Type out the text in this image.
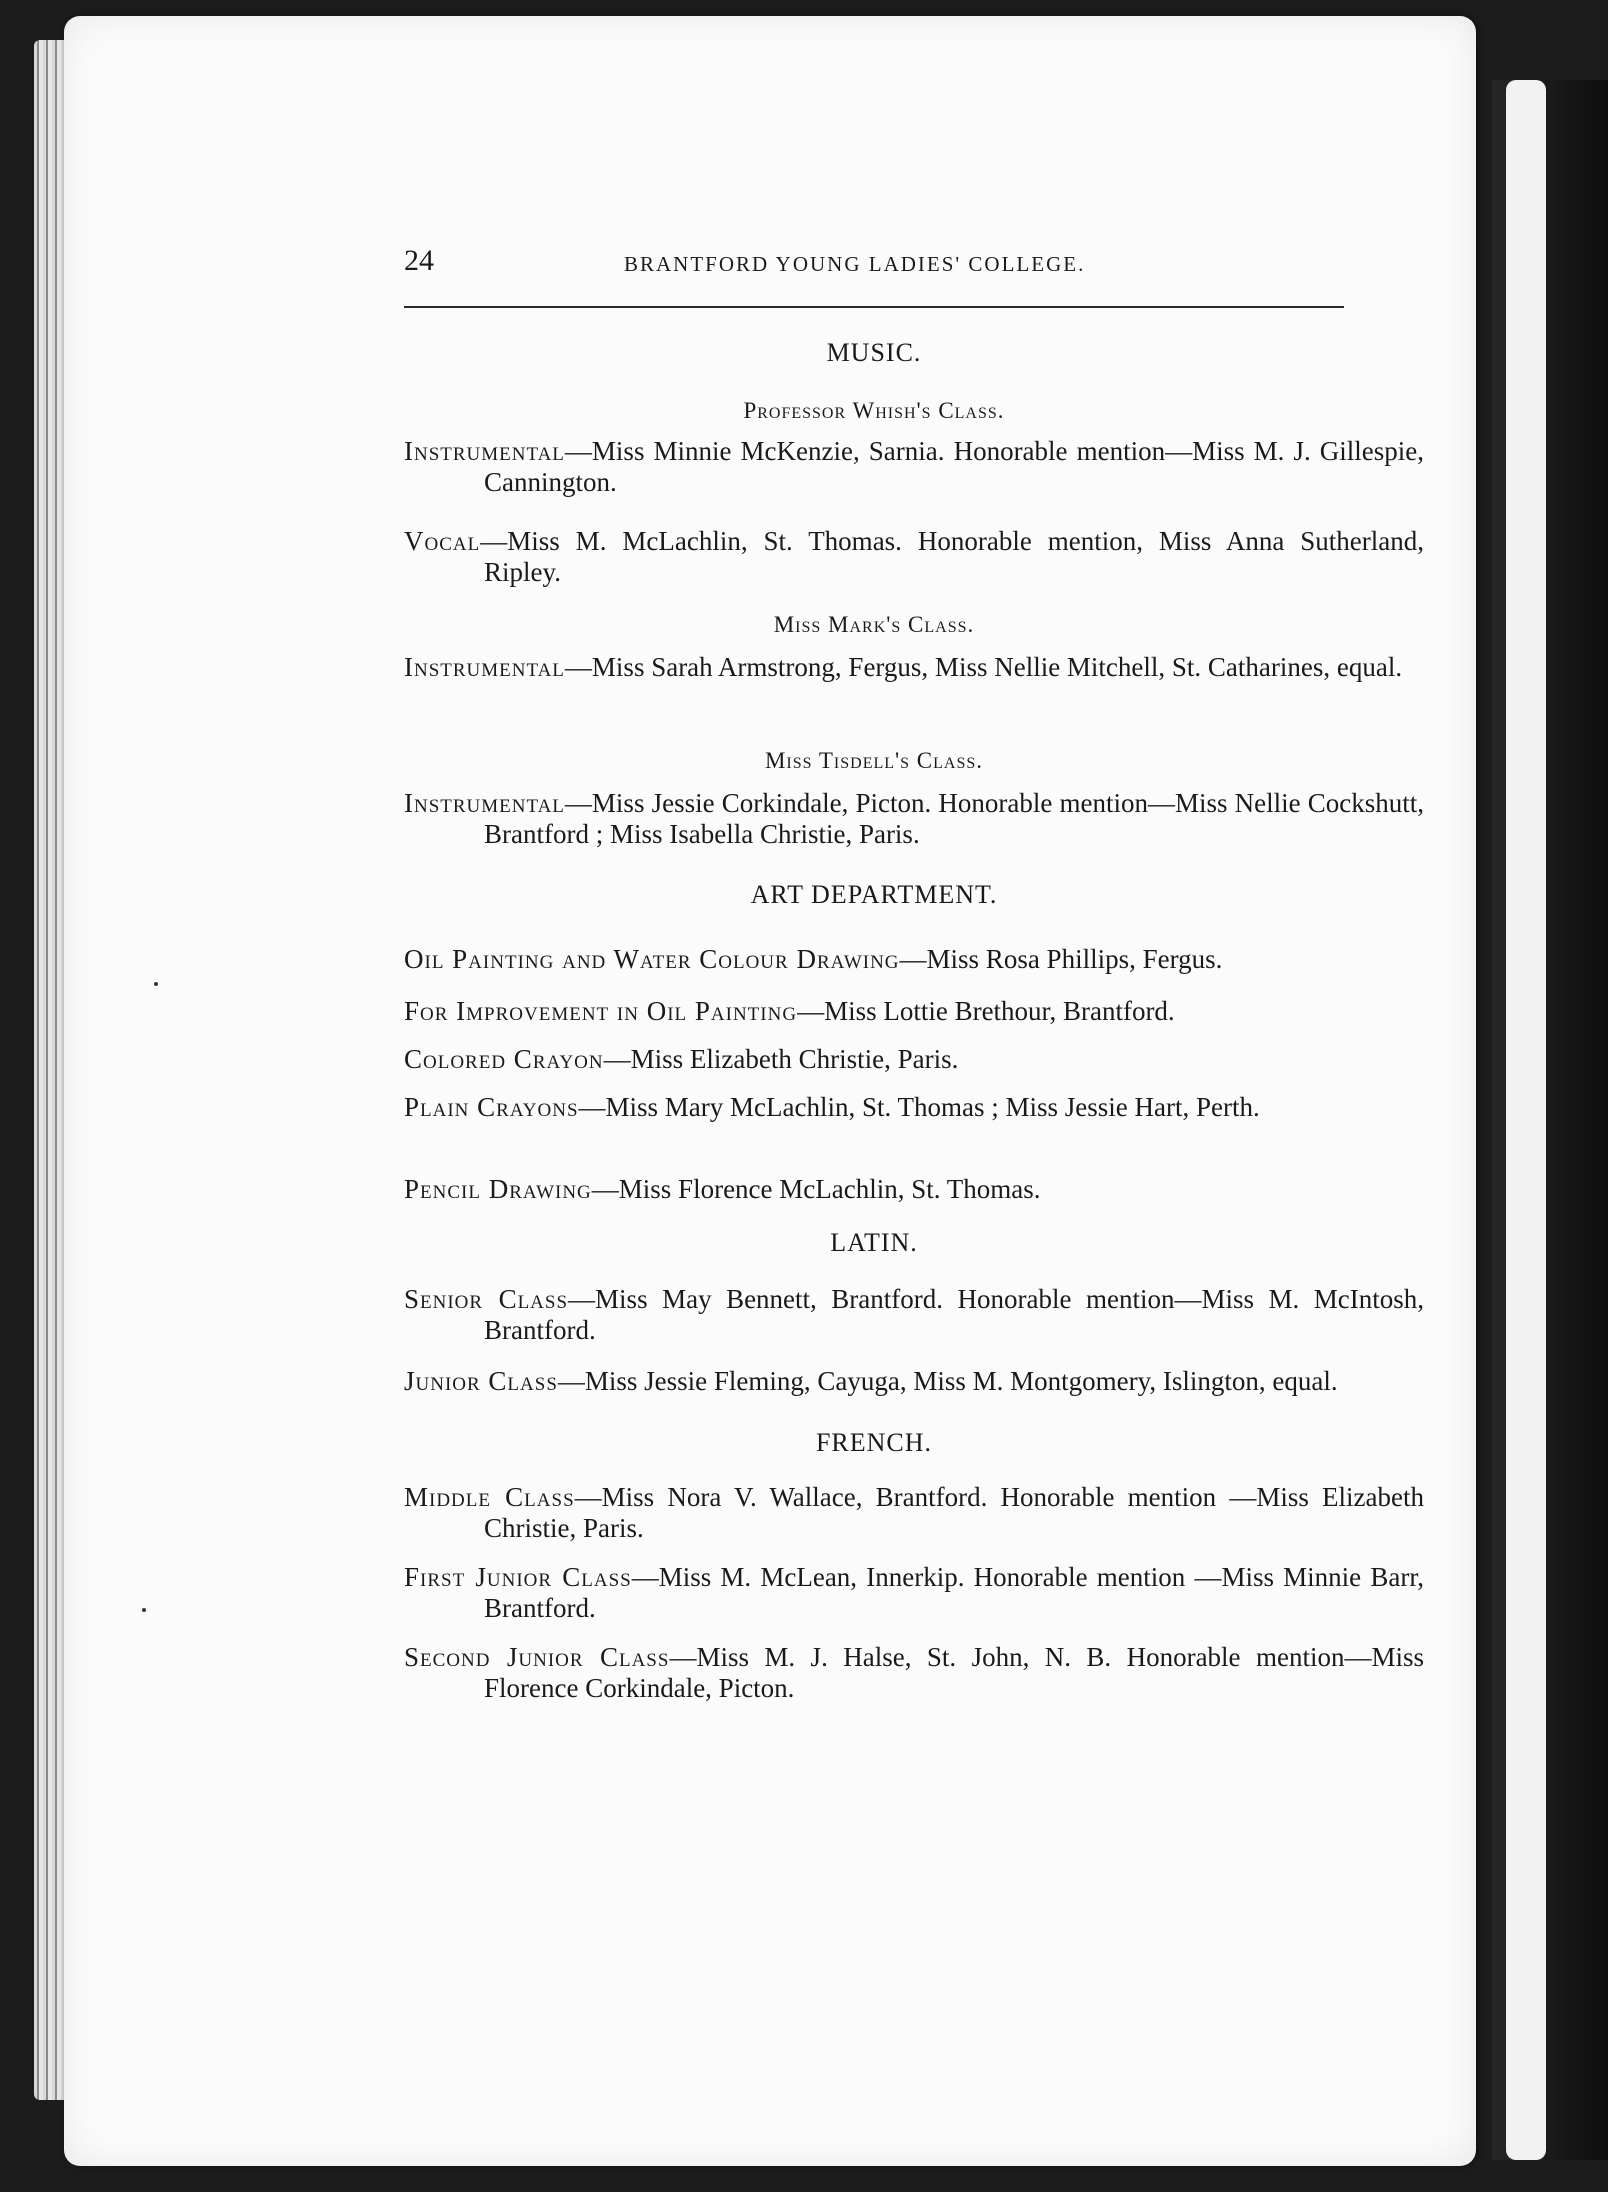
24	BRANTFORD YOUNG LADIES' COLLEGE.
MUSIC.
Professor Whish's Class.
Instrumental—Miss Minnie McKenzie, Sarnia. Honorable mention—Miss M. J. Gillespie, Cannington.
Vocal—Miss M. McLachlin, St. Thomas. Honorable mention, Miss Anna Sutherland, Ripley.
Miss Mark's Class.
Instrumental—Miss Sarah Armstrong, Fergus, Miss Nellie Mitchell, St. Catharines, equal.
Miss Tisdell's Class.
Instrumental—Miss Jessie Corkindale, Picton. Honorable mention—Miss Nellie Cockshutt, Brantford ; Miss Isabella Christie, Paris.
ART DEPARTMENT.
Oil Painting and Water Colour Drawing—Miss Rosa Phillips, Fergus.
For Improvement in Oil Painting—Miss Lottie Brethour, Brantford.
Colored Crayon—Miss Elizabeth Christie, Paris.
Plain Crayons—Miss Mary McLachlin, St. Thomas ; Miss Jessie Hart, Perth.
Pencil Drawing—Miss Florence McLachlin, St. Thomas.
LATIN.
Senior Class—Miss May Bennett, Brantford. Honorable mention—Miss M. McIntosh, Brantford.
Junior Class—Miss Jessie Fleming, Cayuga, Miss M. Montgomery, Islington, equal.
FRENCH.
Middle Class—Miss Nora V. Wallace, Brantford. Honorable mention —Miss Elizabeth Christie, Paris.
First Junior Class—Miss M. McLean, Innerkip. Honorable mention —Miss Minnie Barr, Brantford.
Second Junior Class—Miss M. J. Halse, St. John, N. B. Honorable mention—Miss Florence Corkindale, Picton.
